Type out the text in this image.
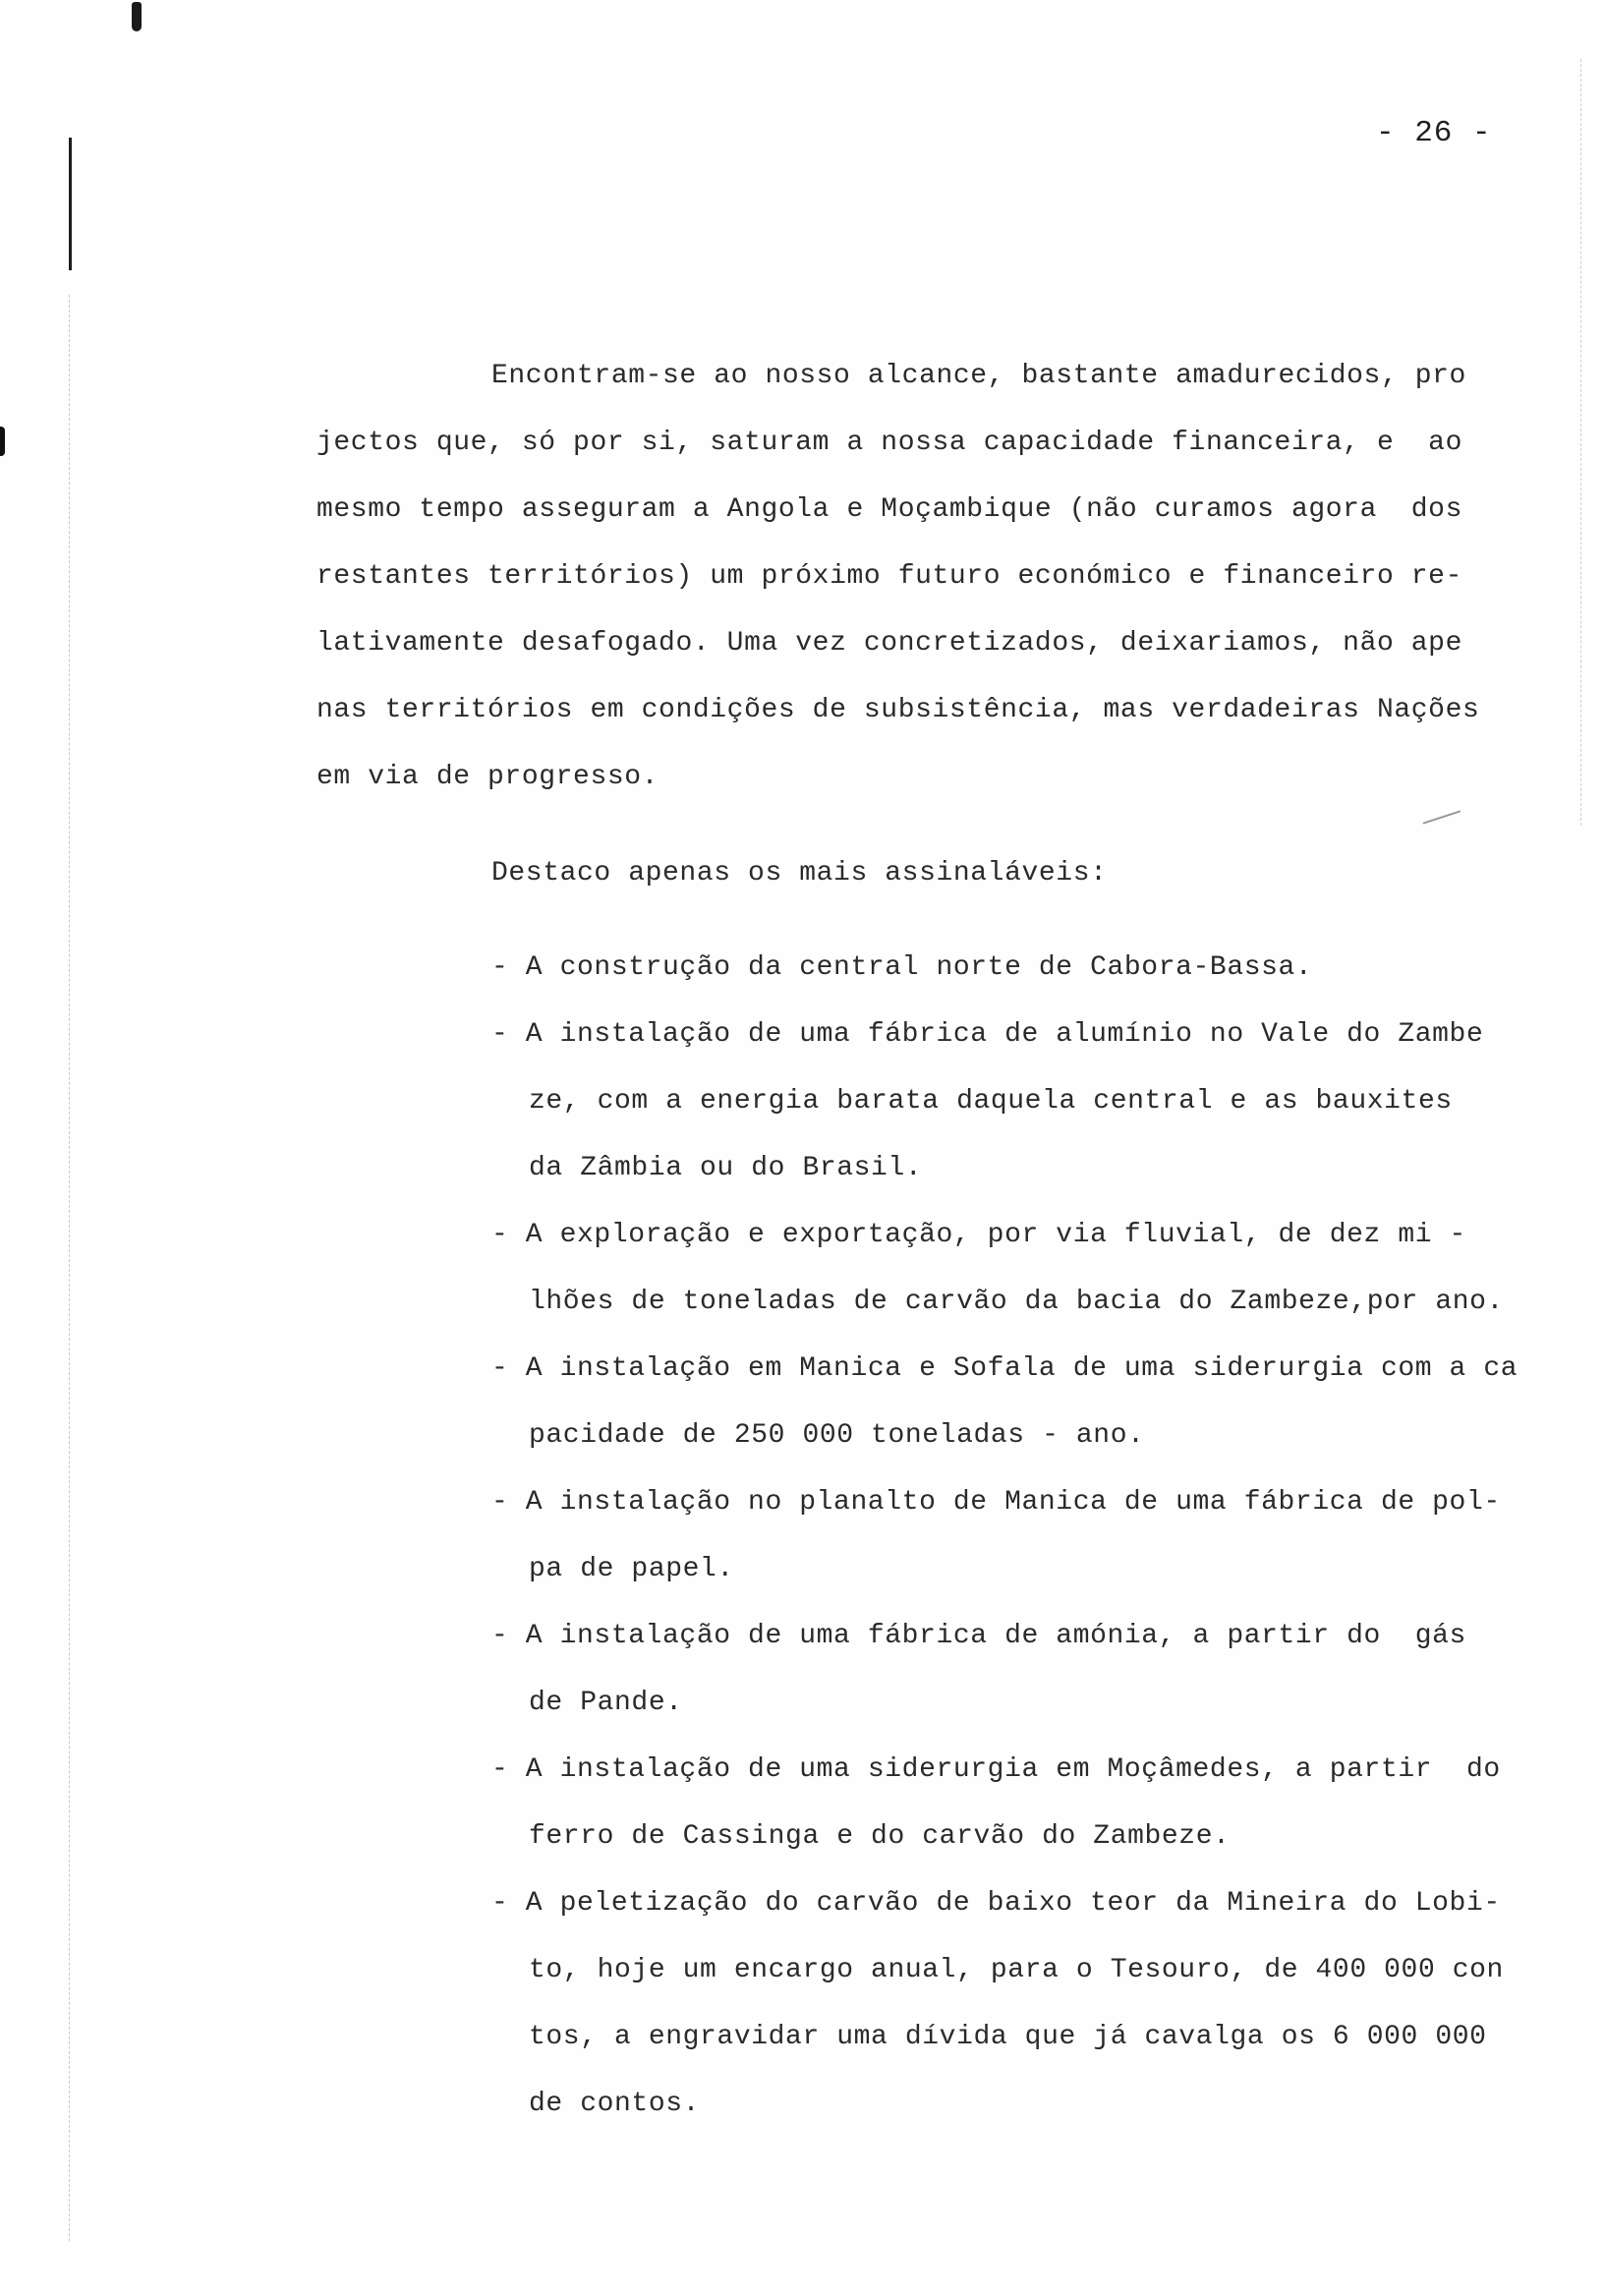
- 26 -
Encontram-se ao nosso alcance, bastante amadurecidos, pro
jectos que, só por si, saturam a nossa capacidade financeira, e  ao
mesmo tempo asseguram a Angola e Moçambique (não curamos agora  dos
restantes territórios) um próximo futuro económico e financeiro re-
lativamente desafogado. Uma vez concretizados, deixariamos, não ape
nas territórios em condições de subsistência, mas verdadeiras Nações
em via de progresso.
Destaco apenas os mais assinaláveis:
- A construção da central norte de Cabora-Bassa.
- A instalação de uma fábrica de alumínio no Vale do Zambe
ze, com a energia barata daquela central e as bauxites
da Zâmbia ou do Brasil.
- A exploração e exportação, por via fluvial, de dez mi -
lhões de toneladas de carvão da bacia do Zambeze,por ano.
- A instalação em Manica e Sofala de uma siderurgia com a ca
pacidade de 250 000 toneladas - ano.
- A instalação no planalto de Manica de uma fábrica de pol-
pa de papel.
- A instalação de uma fábrica de amónia, a partir do  gás
de Pande.
- A instalação de uma siderurgia em Moçâmedes, a partir  do
ferro de Cassinga e do carvão do Zambeze.
- A peletização do carvão de baixo teor da Mineira do Lobi-
to, hoje um encargo anual, para o Tesouro, de 400 000 con
tos, a engravidar uma dívida que já cavalga os 6 000 000
de contos.
